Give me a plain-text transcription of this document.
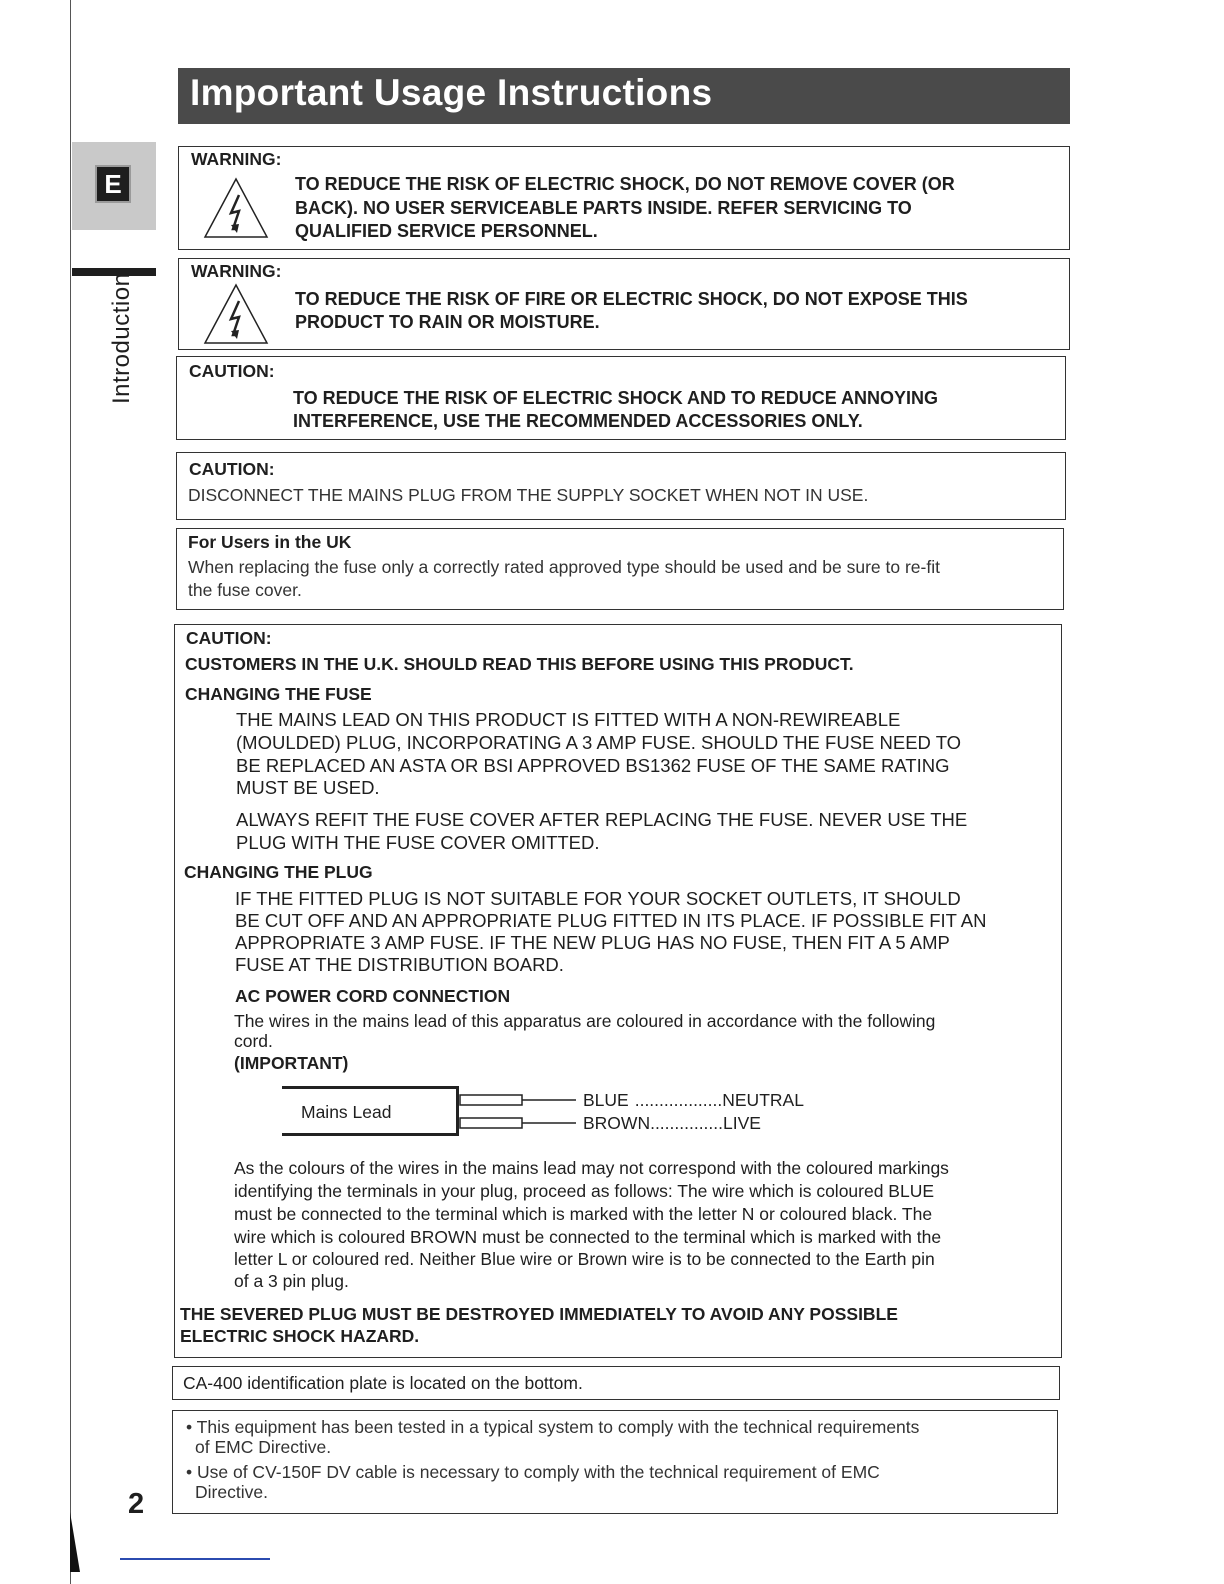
Important Usage Instructions
E
Introduction
2
WARNING:
TO REDUCE THE RISK OF ELECTRIC SHOCK, DO NOT REMOVE COVER (OR
BACK). NO USER SERVICEABLE PARTS INSIDE. REFER SERVICING TO
QUALIFIED SERVICE PERSONNEL.
WARNING:
TO REDUCE THE RISK OF FIRE OR ELECTRIC SHOCK, DO NOT EXPOSE THIS
PRODUCT TO RAIN OR MOISTURE.
CAUTION:
TO REDUCE THE RISK OF ELECTRIC SHOCK AND TO REDUCE ANNOYING
INTERFERENCE, USE THE RECOMMENDED ACCESSORIES ONLY.
CAUTION:
DISCONNECT THE MAINS PLUG FROM THE SUPPLY SOCKET WHEN NOT IN USE.
For Users in the UK
When replacing the fuse only a correctly rated approved type should be used and be sure to re-fit
the fuse cover.
CAUTION:
CUSTOMERS IN THE U.K. SHOULD READ THIS BEFORE USING THIS PRODUCT.
CHANGING THE FUSE
THE MAINS LEAD ON THIS PRODUCT IS FITTED WITH A NON-REWIREABLE
(MOULDED) PLUG, INCORPORATING A 3 AMP FUSE. SHOULD THE FUSE NEED TO
BE REPLACED AN ASTA OR BSI APPROVED BS1362 FUSE OF THE SAME RATING
MUST BE USED.
ALWAYS REFIT THE FUSE COVER AFTER REPLACING THE FUSE. NEVER USE THE
PLUG WITH THE FUSE COVER OMITTED.
CHANGING THE PLUG
IF THE FITTED PLUG IS NOT SUITABLE FOR YOUR SOCKET OUTLETS, IT SHOULD
BE CUT OFF AND AN APPROPRIATE PLUG FITTED IN ITS PLACE. IF POSSIBLE FIT AN
APPROPRIATE 3 AMP FUSE. IF THE NEW PLUG HAS NO FUSE, THEN FIT A 5 AMP
FUSE AT THE DISTRIBUTION BOARD.
AC POWER CORD CONNECTION
The wires in the mains lead of this apparatus are coloured in accordance with the following
cord.
(IMPORTANT)
As the colours of the wires in the mains lead may not correspond with the coloured markings
identifying the terminals in your plug, proceed as follows: The wire which is coloured BLUE
must be connected to the terminal which is marked with the letter N or coloured black. The
wire which is coloured BROWN must be connected to the terminal which is marked with the
letter L or coloured red. Neither Blue wire or Brown wire is to be connected to the Earth pin
of a 3 pin plug.
THE SEVERED PLUG MUST BE DESTROYED IMMEDIATELY TO AVOID ANY POSSIBLE
ELECTRIC SHOCK HAZARD.
Mains Lead
BLUE ..................NEUTRAL
BROWN...............LIVE
CA-400 identification plate is located on the bottom.
• This equipment has been tested in a typical system to comply with the technical requirements
of EMC Directive.
• Use of CV-150F DV cable is necessary to comply with the technical requirement of EMC
Directive.
